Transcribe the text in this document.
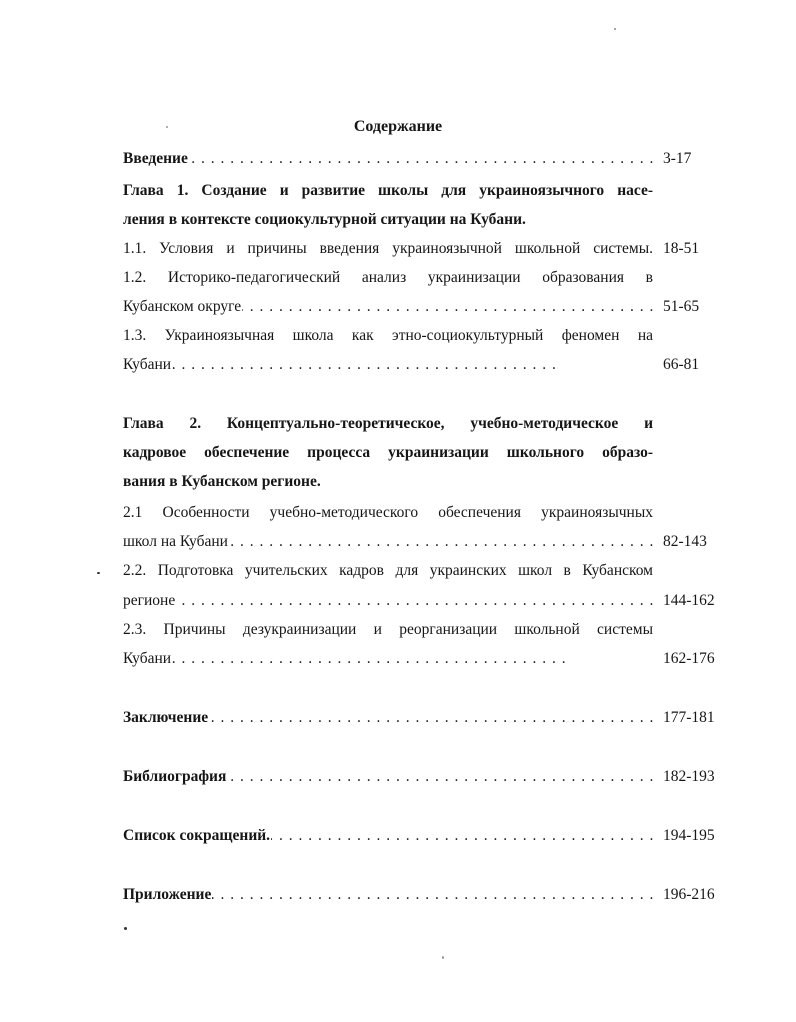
Содержание
Введение . . .	3-17
Глава 1. Создание и развитие школы для украиноязычного насе-
ления в контексте социокультурной ситуации на Кубани.
1.1. Условия и причины введения украиноязычной школьной системы. 18-51
1.2. Историко-педагогический анализ украинизации образования в
Кубанском округе . . .	51-65
1.3. Украиноязычная школа как этно-социокультурный феномен на
Кубани . . .	66-81
Глава 2. Концептуально-теоретическое, учебно-методическое и
кадровое обеспечение процесса украинизации школьного образо-
вания в Кубанском регионе.
2.1 Особенности учебно-методического обеспечения украиноязычных
школ на Кубани . . .	82-143
2.2. Подготовка учительских кадров для украинских школ в Кубанском
регионе . . .	144-162
2.3. Причины дезукраинизации и реорганизации школьной системы
Кубани . . .	162-176
Заключение . . .	177-181
Библиография . . .	182-193
Список сокращений. . . .	194-195
Приложение . . .	196-216
